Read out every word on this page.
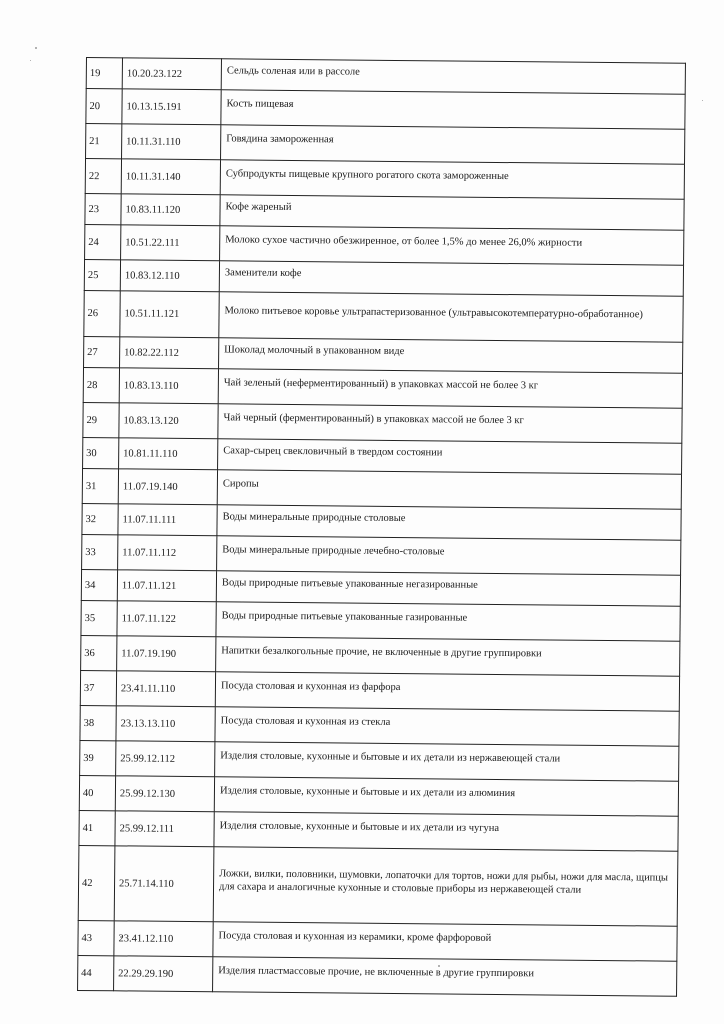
19	10.20.23.122	Сельдь соленая или в рассоле

20	10.13.15.191	Кость пищевая

21	10.11.31.110	Говядина замороженная

22	10.11.31.140	Субпродукты пищевые крупного рогатого скота замороженные

23	10.83.11.120	Кофе жареный

24	10.51.22.111	Молоко сухое частично обезжиренное, от более 1,5% до менее 26,0% жирности

25	10.83.12.110	Заменители кофе

26	10.51.11.121	Молоко питьевое коровье ультрапастеризованное (ультравысокотемпературно-обработанное)

27	10.82.22.112	Шоколад молочный в упакованном виде

28	10.83.13.110	Чай зеленый (неферментированный) в упаковках массой не более 3 кг

29	10.83.13.120	Чай черный (ферментированный) в упаковках массой не более 3 кг

30	10.81.11.110	Сахар-сырец свекловичный в твердом состоянии

31	11.07.19.140	Сиропы

32	11.07.11.111	Воды минеральные природные столовые

33	11.07.11.112	Воды минеральные природные лечебно-столовые

34	11.07.11.121	Воды природные питьевые упакованные негазированные

35	11.07.11.122	Воды природные питьевые упакованные газированные

36	11.07.19.190	Напитки безалкогольные прочие, не включенные в другие группировки

37	23.41.11.110	Посуда столовая и кухонная из фарфора

38	23.13.13.110	Посуда столовая и кухонная из стекла

39	25.99.12.112	Изделия столовые, кухонные и бытовые и их детали из нержавеющей стали

40	25.99.12.130	Изделия столовые, кухонные и бытовые и их детали из алюминия

41	25.99.12.111	Изделия столовые, кухонные и бытовые и их детали из чугуна

42	25.71.14.110	Ложки, вилки, половники, шумовки, лопаточки для тортов, ножи для рыбы, ножи для масла, щипцы для сахара и аналогичные кухонные и столовые приборы из нержавеющей стали

43	23.41.12.110	Посуда столовая и кухонная из керамики, кроме фарфоровой

44	22.29.29.190	Изделия пластмассовые прочие, не включенные в другие группировки
